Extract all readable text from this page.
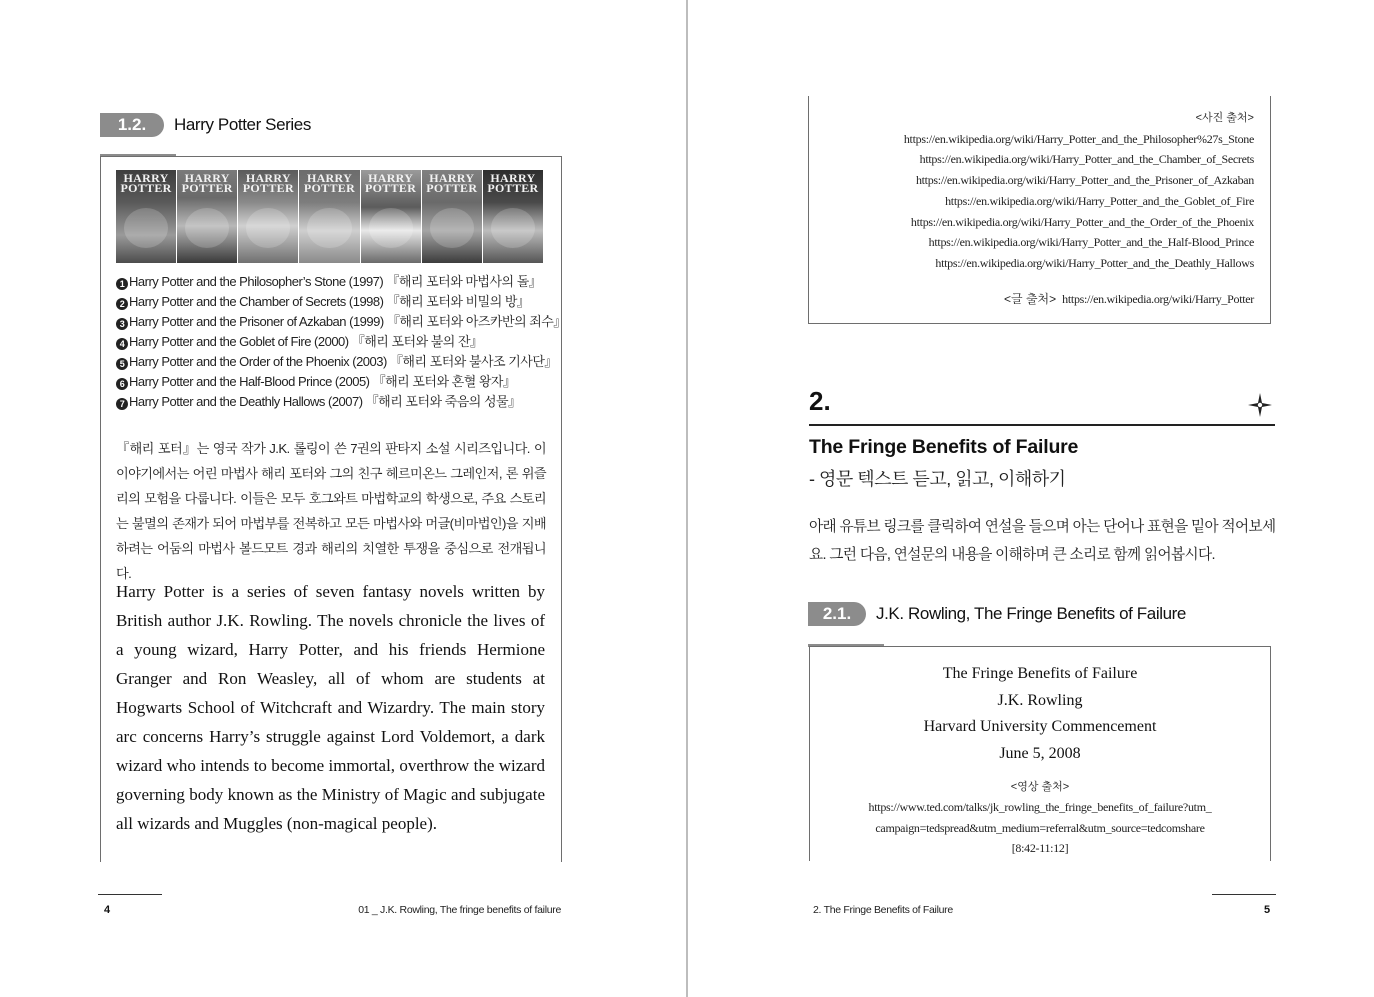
1.2.	Harry Potter Series
HARRY
POTTER
HARRY
POTTER
HARRY
POTTER
HARRY
POTTER
HARRY
POTTER
HARRY
POTTER
HARRY
POTTER
1 Harry Potter and the Philosopher’s Stone (1997) 『해리 포터와 마법사의 돌』
2 Harry Potter and the Chamber of Secrets (1998) 『해리 포터와 비밀의 방』
3 Harry Potter and the Prisoner of Azkaban (1999) 『해리 포터와 아즈카반의 죄수』
4 Harry Potter and the Goblet of Fire (2000) 『해리 포터와 불의 잔』
5 Harry Potter and the Order of the Phoenix (2003) 『해리 포터와 불사조 기사단』
6 Harry Potter and the Half-Blood Prince (2005) 『해리 포터와 혼혈 왕자』
7 Harry Potter and the Deathly Hallows (2007) 『해리 포터와 죽음의 성물』

『해리 포터』는 영국 작가 J.K. 롤링이 쓴 7권의 판타지 소설 시리즈입니다. 이 이야기에서는 어린 마법사 해리 포터와 그의 친구 헤르미온느 그레인저, 론 위즐리의 모험을 다룹니다. 이들은 모두 호그와트 마법학교의 학생으로, 주요 스토리는 불멸의 존재가 되어 마법부를 전복하고 모든 마법사와 머글(비마법인)을 지배하려는 어둠의 마법사 볼드모트 경과 해리의 치열한 투쟁을 중심으로 전개됩니다.

Harry Potter is a series of seven fantasy novels written by British author J.K. Rowling. The novels chronicle the lives of a young wizard, Harry Potter, and his friends Hermione Granger and Ron Weasley, all of whom are students at Hogwarts School of Witchcraft and Wizardry. The main story arc concerns Harry’s struggle against Lord Voldemort, a dark wizard who intends to become immortal, overthrow the wizard governing body known as the Ministry of Magic and subjugate all wizards and Muggles (non-magical people).

4	01 _ J.K. Rowling, The fringe benefits of failure
<사진 출처>
https://en.wikipedia.org/wiki/Harry_Potter_and_the_Philosopher%27s_Stone
https://en.wikipedia.org/wiki/Harry_Potter_and_the_Chamber_of_Secrets
https://en.wikipedia.org/wiki/Harry_Potter_and_the_Prisoner_of_Azkaban
https://en.wikipedia.org/wiki/Harry_Potter_and_the_Goblet_of_Fire
https://en.wikipedia.org/wiki/Harry_Potter_and_the_Order_of_the_Phoenix
https://en.wikipedia.org/wiki/Harry_Potter_and_the_Half-Blood_Prince
https://en.wikipedia.org/wiki/Harry_Potter_and_the_Deathly_Hallows
<글 출처> https://en.wikipedia.org/wiki/Harry_Potter
2.
The Fringe Benefits of Failure
- 영문 텍스트 듣고, 읽고, 이해하기

아래 유튜브 링크를 클릭하여 연설을 들으며 아는 단어나 표현을 밑아 적어보세요. 그런 다음, 연설문의 내용을 이해하며 큰 소리로 함께 읽어봅시다.

2.1.	J.K. Rowling, The Fringe Benefits of Failure
The Fringe Benefits of Failure
J.K. Rowling
Harvard University Commencement
June 5, 2008
<영상 출처>
https://www.ted.com/talks/jk_rowling_the_fringe_benefits_of_failure?utm_
campaign=tedspread&utm_medium=referral&utm_source=tedcomshare
[8:42-11:12]
2. The Fringe Benefits of Failure	5
